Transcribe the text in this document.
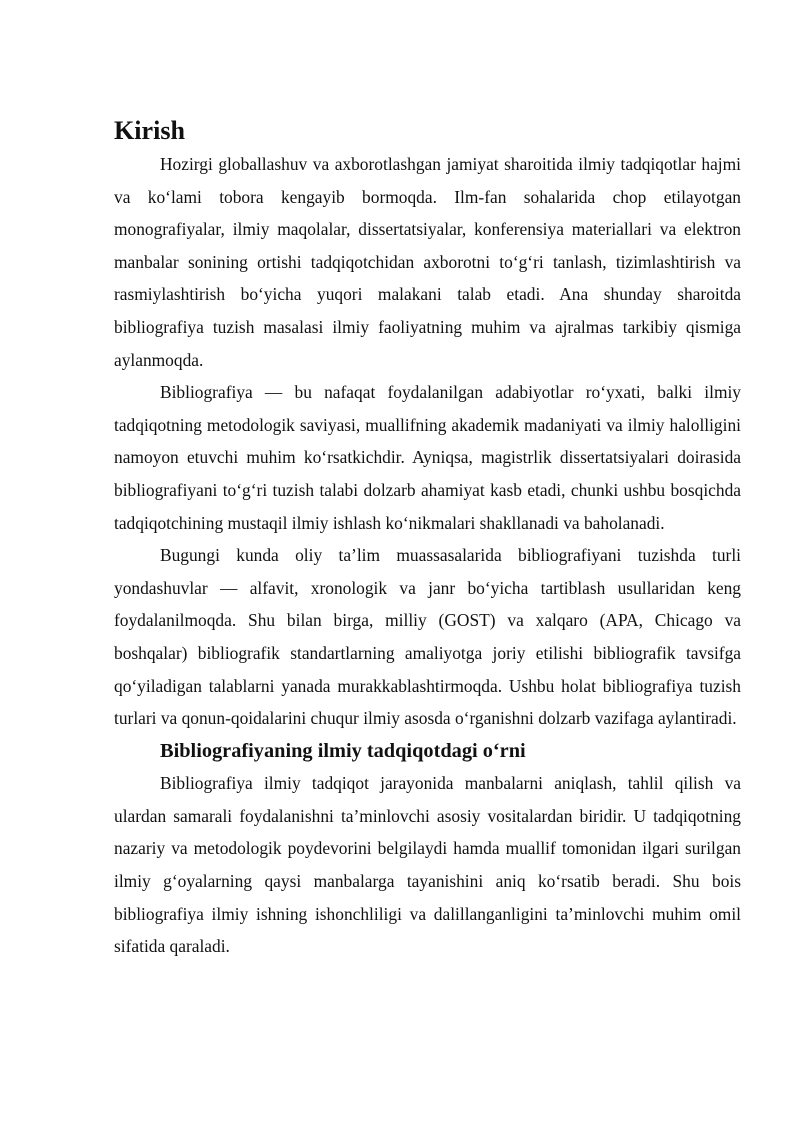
Kirish

Hozirgi globallashuv va axborotlashgan jamiyat sharoitida ilmiy tadqiqotlar hajmi va ko‘lami tobora kengayib bormoqda. Ilm-fan sohalarida chop etilayotgan monografiyalar, ilmiy maqolalar, dissertatsiyalar, konferensiya materiallari va elektron manbalar sonining ortishi tadqiqotchidan axborotni to‘g‘ri tanlash, tizimlashtirish va rasmiylashtirish bo‘yicha yuqori malakani talab etadi. Ana shunday sharoitda bibliografiya tuzish masalasi ilmiy faoliyatning muhim va ajralmas tarkibiy qismiga aylanmoqda.

Bibliografiya — bu nafaqat foydalanilgan adabiyotlar ro‘yxati, balki ilmiy tadqiqotning metodologik saviyasi, muallifning akademik madaniyati va ilmiy halolligini namoyon etuvchi muhim ko‘rsatkichdir. Ayniqsa, magistrlik dissertatsiyalari doirasida bibliografiyani to‘g‘ri tuzish talabi dolzarb ahamiyat kasb etadi, chunki ushbu bosqichda tadqiqotchining mustaqil ilmiy ishlash ko‘nikmalari shakllanadi va baholanadi.

Bugungi kunda oliy ta’lim muassasalarida bibliografiyani tuzishda turli yondashuvlar — alfavit, xronologik va janr bo‘yicha tartiblash usullaridan keng foydalanilmoqda. Shu bilan birga, milliy (GOST) va xalqaro (APA, Chicago va boshqalar) bibliografik standartlarning amaliyotga joriy etilishi bibliografik tavsifga qo‘yiladigan talablarni yanada murakkablashtirmoqda. Ushbu holat bibliografiya tuzish turlari va qonun-qoidalarini chuqur ilmiy asosda o‘rganishni dolzarb vazifaga aylantiradi.

Bibliografiyaning ilmiy tadqiqotdagi o‘rni

Bibliografiya ilmiy tadqiqot jarayonida manbalarni aniqlash, tahlil qilish va ulardan samarali foydalanishni ta’minlovchi asosiy vositalardan biridir. U tadqiqotning nazariy va metodologik poydevorini belgilaydi hamda muallif tomonidan ilgari surilgan ilmiy g‘oyalarning qaysi manbalarga tayanishini aniq ko‘rsatib beradi. Shu bois bibliografiya ilmiy ishning ishonchliligi va dalillanganligini ta’minlovchi muhim omil sifatida qaraladi.
